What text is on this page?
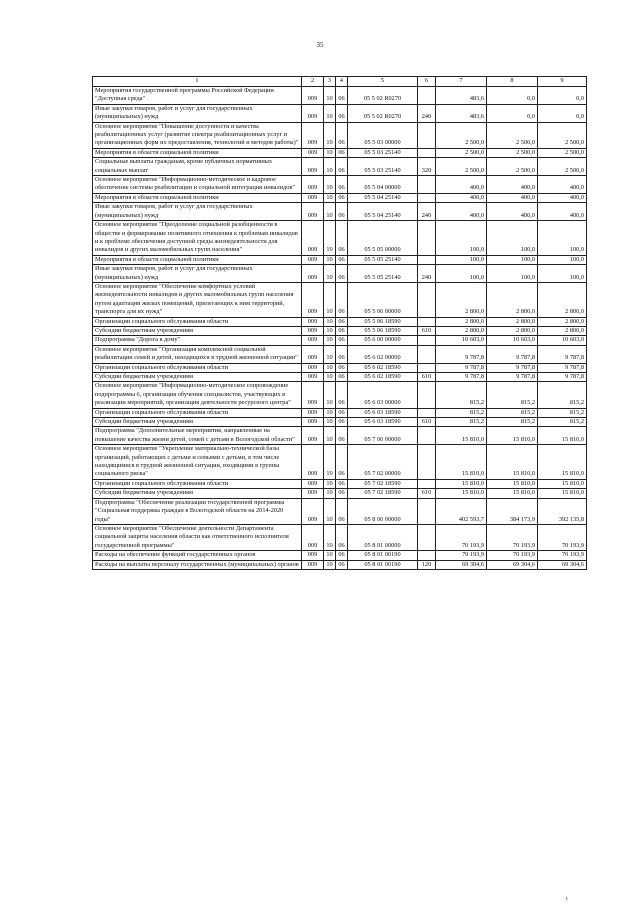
35
1	2	3	4	5	6	7	8	9
Мероприятия государственной программы Российской Федерации "Доступная среда"	009	10	06	05 5 02 R0270		483,6	0,0	0,0
Иные закупки товаров, работ и услуг для государственных (муниципальных) нужд	009	10	06	05 5 02 R0270	240	483,6	0,0	0,0
Основное мероприятие "Повышение доступности и качества реабилитационных услуг (развитие спектра реабилитационных услуг и организационных форм их предоставления, технологий и методов работы)"	009	10	06	05 5 03 00000		2 500,0	2 500,0	2 500,0
Мероприятия в области социальной политики	009	10	06	05 5 03 25140		2 500,0	2 500,0	2 500,0
Социальные выплаты гражданам, кроме публичных нормативных социальных выплат	009	10	06	05 5 03 25140	320	2 500,0	2 500,0	2 500,0
Основное мероприятие "Информационно-методическое и кадровое обеспечение системы реабилитации и социальной интеграции инвалидов"	009	10	06	05 5 04 00000		400,0	400,0	400,0
Мероприятия в области социальной политики	009	10	06	05 5 04 25140		400,0	400,0	400,0
Иные закупки товаров, работ и услуг для государственных (муниципальных) нужд	009	10	06	05 5 04 25140	240	400,0	400,0	400,0
Основное мероприятие "Преодоление социальной разобщенности в обществе и формирование позитивного отношения к проблемам инвалидов и к проблеме обеспечения доступной среды жизнедеятельности для инвалидов и других маломобильных групп населения"	009	10	06	05 5 05 00000		100,0	100,0	100,0
Мероприятия в области социальной политики	009	10	06	05 5 05 25140		100,0	100,0	100,0
Иные закупки товаров, работ и услуг для государственных (муниципальных) нужд	009	10	06	05 5 05 25140	240	100,0	100,0	100,0
Основное мероприятие "Обеспечение комфортных условий жизнедеятельности инвалидов и других маломобильных групп населения путем адаптации жилых помещений, прилегающих к ним территорий, транспорта для их нужд"	009	10	06	05 5 06 00000		2 800,0	2 800,0	2 800,0
Организации социального обслуживания области	009	10	06	05 5 06 18590		2 800,0	2 800,0	2 800,0
Субсидии бюджетным учреждениям	009	10	06	05 5 06 18590	610	2 800,0	2 800,0	2 800,0
Подпрограмма "Дорога к дому"	009	10	06	05 6 00 00000		10 603,0	10 603,0	10 603,0
Основное мероприятие "Организация комплексной социальной реабилитации семей и детей, находящихся в трудной жизненной ситуации"	009	10	06	05 6 02 00000		9 787,8	9 787,8	9 787,8
Организации социального обслуживания области	009	10	06	05 6 02 18590		9 787,8	9 787,8	9 787,8
Субсидии бюджетным учреждениям	009	10	06	05 6 02 18590	610	9 787,8	9 787,8	9 787,8
Основное мероприятие "Информационно-методическое сопровождение подпрограммы 6, организация обучения специалистов, участвующих в реализации мероприятий, организация деятельности ресурсного центра"	009	10	06	05 6 03 00000		815,2	815,2	815,2
Организации социального обслуживания области	009	10	06	05 6 03 18590		815,2	815,2	815,2
Субсидии бюджетным учреждениям	009	10	06	05 6 03 18590	610	815,2	815,2	815,2
Подпрограмма "Дополнительные мероприятия, направленные на повышение качества жизни детей, семей с детьми в Вологодской области"	009	10	06	05 7 00 00000		15 810,0	15 810,0	15 810,0
Основное мероприятие "Укрепление материально-технической базы организаций, работающих с детьми и семьями с детьми, в том числе находящимися в трудной жизненной ситуации, входящими в группы социального риска"	009	10	06	05 7 02 00000		15 810,0	15 810,0	15 810,0
Организации социального обслуживания области	009	10	06	05 7 02 18590		15 810,0	15 810,0	15 810,0
Субсидии бюджетным учреждениям	009	10	06	05 7 02 18590	610	15 810,0	15 810,0	15 810,0
Подпрограмма "Обеспечение реализации государственной программы "Социальная поддержка граждан в Вологодской области на 2014-2020 годы"	009	10	06	05 8 00 00000		402 593,7	384 173,9	392 135,8
Основное мероприятие "Обеспечение деятельности Департамента социальной защиты населения области как ответственного исполнителя государственной программы"	009	10	06	05 8 01 00000		70 193,9	70 193,9	70 193,9
Расходы на обеспечение функций государственных органов	009	10	06	05 8 01 00190		70 193,9	70 193,9	70 193,9
Расходы на выплаты персоналу государственных (муниципальных) органов	009	10	06	05 8 01 00190	120	69 304,6	69 304,6	69 304,6
ı
